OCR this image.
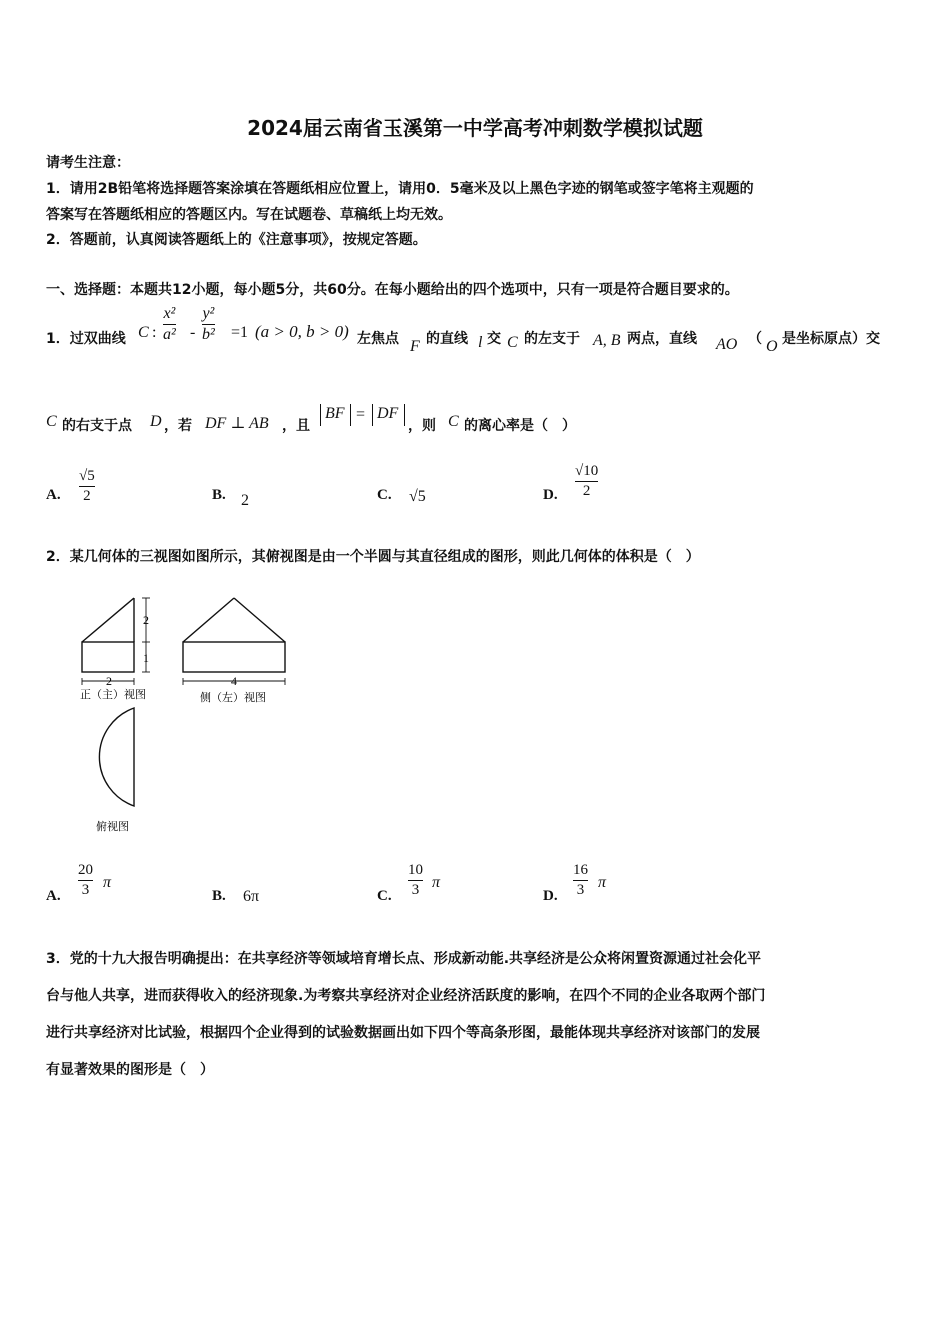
2024届云南省玉溪第一中学高考冲刺数学模拟试题
请考生注意：
1．请用2B铅笔将选择题答案涂填在答题纸相应位置上，请用0．5毫米及以上黑色字迹的钢笔或签字笔将主观题的
答案写在答题纸相应的答题区内。写在试题卷、草稿纸上均无效。
2．答题前，认真阅读答题纸上的《注意事项》，按规定答题。
一、选择题：本题共12小题，每小题5分，共60分。在每小题给出的四个选项中，只有一项是符合题目要求的。
1．过双曲线 C :
x²
a² -
y²
b² =1 (a > 0, b > 0) 左焦点 F 的直线 l 交 C 的左支于 A, B 两点，直线 AO （ O 是坐标原点）交
C 的右支于点 D ，若 DF ⊥ AB ，且
BF = DF
，则 C 的离心率是（　）
A.
√5
2	B. 2	C. √5	D.
√10
2
2．某几何体的三视图如图所示，其俯视图是由一个半圆与其直径组成的图形，则此几何体的体积是（　）
2
1
2	4
正（主）视图	侧（左）视图
俯视图
A.
20
3 π
B. 6π	C.
10
3 π
D.
16
3 π
3．党的十九大报告明确提出：在共享经济等领域培育增长点、形成新动能.共享经济是公众将闲置资源通过社会化平
台与他人共享，进而获得收入的经济现象.为考察共享经济对企业经济活跃度的影响，在四个不同的企业各取两个部门
进行共享经济对比试验，根据四个企业得到的试验数据画出如下四个等高条形图，最能体现共享经济对该部门的发展
有显著效果的图形是（　）
